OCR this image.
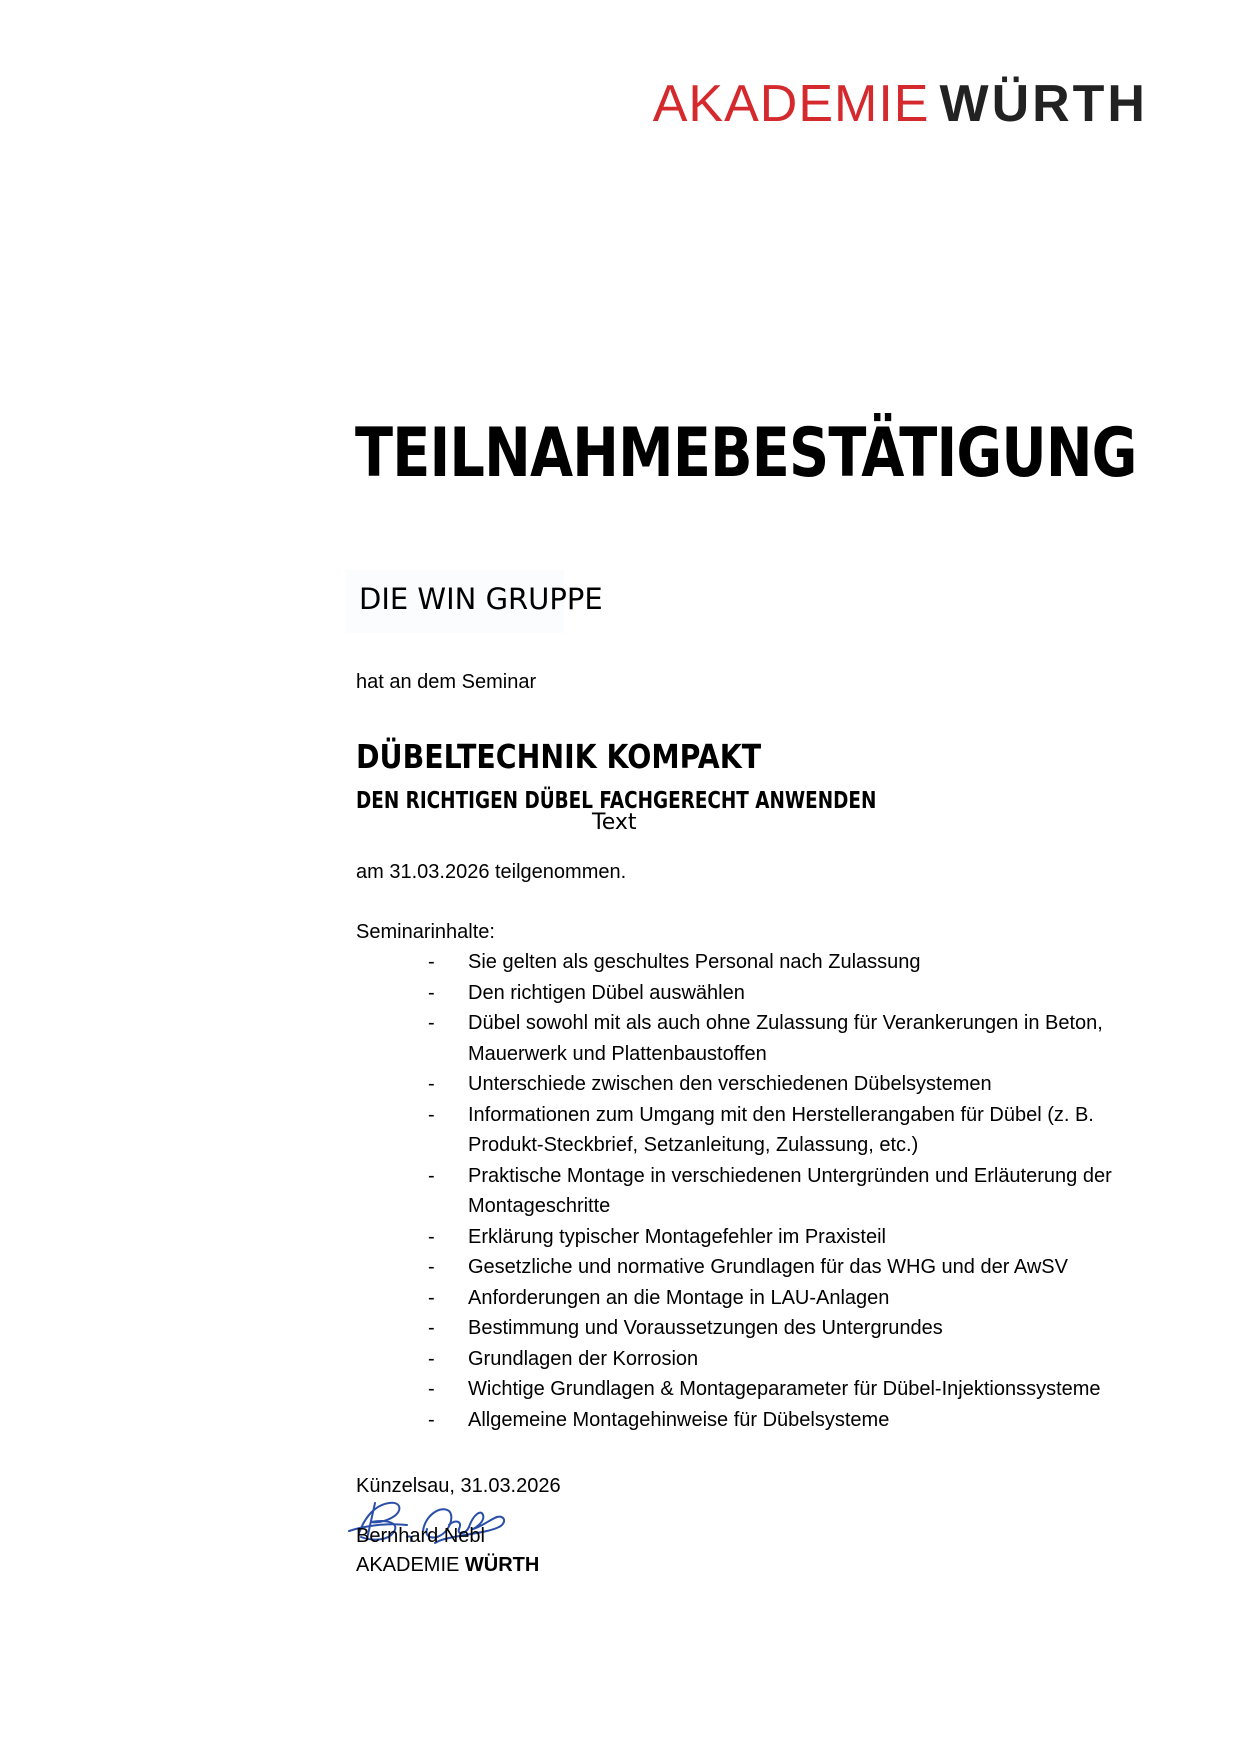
AKADEMIE WÜRTH
TEILNAHMEBESTÄTIGUNG
DIE WIN GRUPPE
hat an dem Seminar
DÜBELTECHNIK KOMPAKT
DEN RICHTIGEN DÜBEL FACHGERECHT ANWENDEN
Text
am 31.03.2026 teilgenommen.
Seminarinhalte:
- Sie gelten als geschultes Personal nach Zulassung
- Den richtigen Dübel auswählen
- Dübel sowohl mit als auch ohne Zulassung für Verankerungen in Beton, Mauerwerk und Plattenbaustoffen
- Unterschiede zwischen den verschiedenen Dübelsystemen
- Informationen zum Umgang mit den Herstellerangaben für Dübel (z. B. Produkt-Steckbrief, Setzanleitung, Zulassung, etc.)
- Praktische Montage in verschiedenen Untergründen und Erläuterung der Montageschritte
- Erklärung typischer Montagefehler im Praxisteil
- Gesetzliche und normative Grundlagen für das WHG und der AwSV
- Anforderungen an die Montage in LAU-Anlagen
- Bestimmung und Voraussetzungen des Untergrundes
- Grundlagen der Korrosion
- Wichtige Grundlagen & Montageparameter für Dübel-Injektionssysteme
- Allgemeine Montagehinweise für Dübelsysteme
Künzelsau, 31.03.2026
Bernhard Nebl
AKADEMIE WÜRTH
